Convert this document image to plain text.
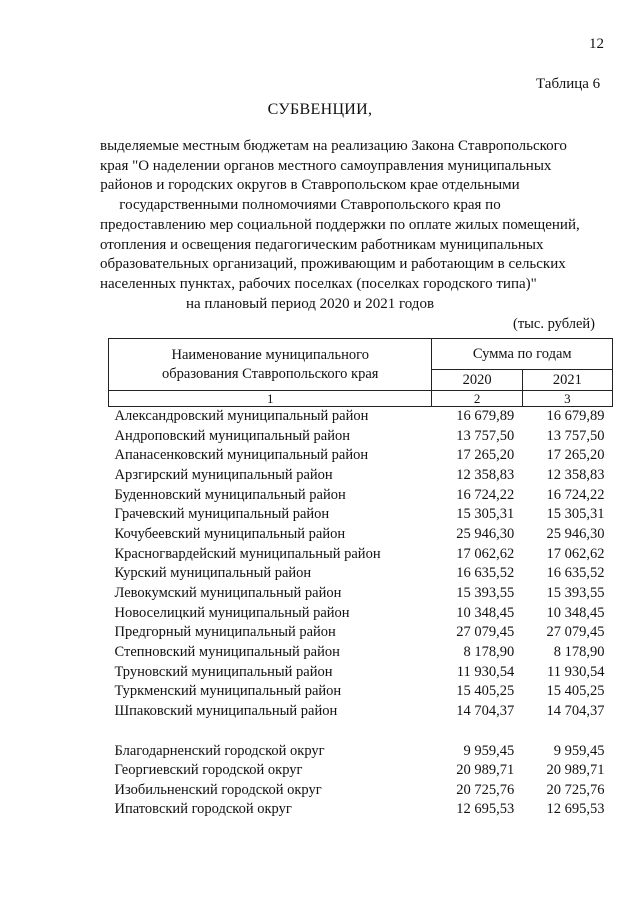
12
Таблица 6
СУБВЕНЦИИ,
выделяемые местным бюджетам на реализацию Закона Ставропольского
края "О наделении органов местного самоуправления муниципальных
районов и городских округов в Ставропольском крае отдельными
государственными полномочиями Ставропольского края по
предоставлению мер социальной поддержки по оплате жилых помещений,
отопления и освещения педагогическим работникам муниципальных
образовательных организаций, проживающим и работающим в сельских
населенных пунктах, рабочих поселках (поселках городского типа)"
на плановый период 2020 и 2021 годов
(тыс. рублей)
Наименование муниципального
образования Ставропольского края	Сумма по годам	
	2020	2021
1	2	3
Александровский муниципальный район	16 679,89	16 679,89
Андроповский муниципальный район	13 757,50	13 757,50
Апанасенковский муниципальный район	17 265,20	17 265,20
Арзгирский муниципальный район	12 358,83	12 358,83
Буденновский муниципальный район	16 724,22	16 724,22
Грачевский муниципальный район	15 305,31	15 305,31
Кочубеевский муниципальный район	25 946,30	25 946,30
Красногвардейский муниципальный район	17 062,62	17 062,62
Курский муниципальный район	16 635,52	16 635,52
Левокумский муниципальный район	15 393,55	15 393,55
Новоселицкий муниципальный район	10 348,45	10 348,45
Предгорный муниципальный район	27 079,45	27 079,45
Степновский муниципальный район	8 178,90	8 178,90
Труновский муниципальный район	11 930,54	11 930,54
Туркменский муниципальный район	15 405,25	15 405,25
Шпаковский муниципальный район	14 704,37	14 704,37

Благодарненский городской округ	9 959,45	9 959,45
Георгиевский городской округ	20 989,71	20 989,71
Изобильненский городской округ	20 725,76	20 725,76
Ипатовский городской округ	12 695,53	12 695,53
